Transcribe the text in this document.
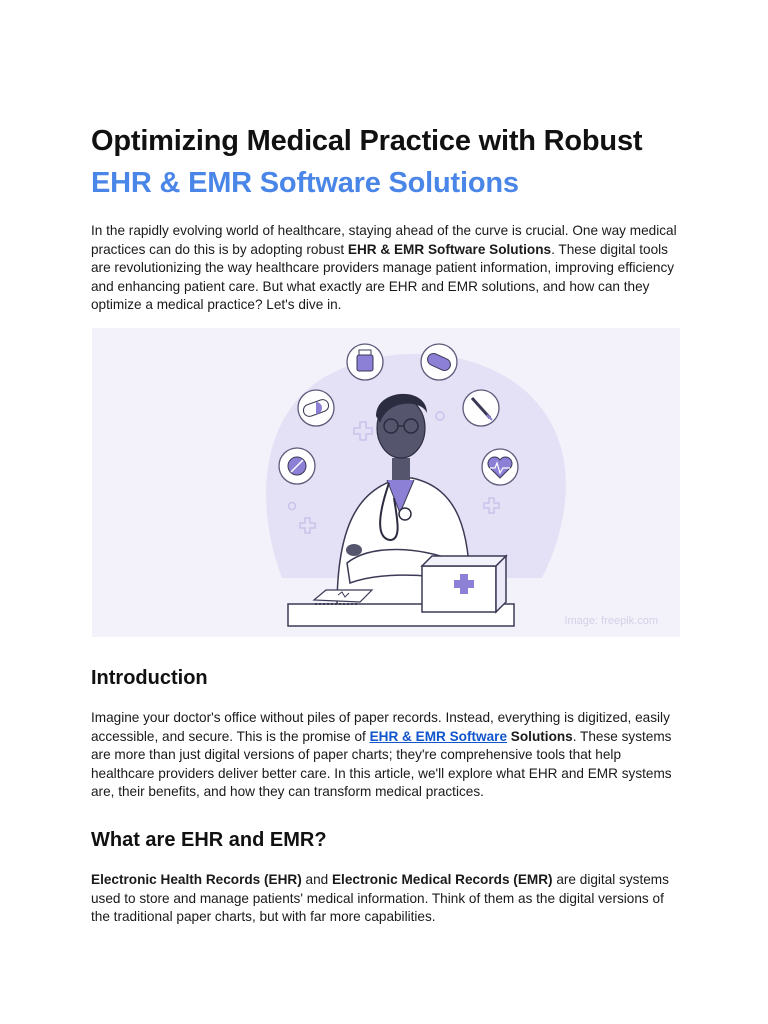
Optimizing Medical Practice with Robust
EHR & EMR Software Solutions

In the rapidly evolving world of healthcare, staying ahead of the curve is crucial. One way medical practices can do this is by adopting robust EHR & EMR Software Solutions. These digital tools are revolutionizing the way healthcare providers manage patient information, improving efficiency and enhancing patient care. But what exactly are EHR and EMR solutions, and how can they optimize a medical practice? Let's dive in.

Image: freepik.com
Introduction

Imagine your doctor's office without piles of paper records. Instead, everything is digitized, easily accessible, and secure. This is the promise of EHR & EMR Software Solutions. These systems are more than just digital versions of paper charts; they're comprehensive tools that help healthcare providers deliver better care. In this article, we'll explore what EHR and EMR systems are, their benefits, and how they can transform medical practices.

What are EHR and EMR?

Electronic Health Records (EHR) and Electronic Medical Records (EMR) are digital systems used to store and manage patients' medical information. Think of them as the digital versions of the traditional paper charts, but with far more capabilities.
